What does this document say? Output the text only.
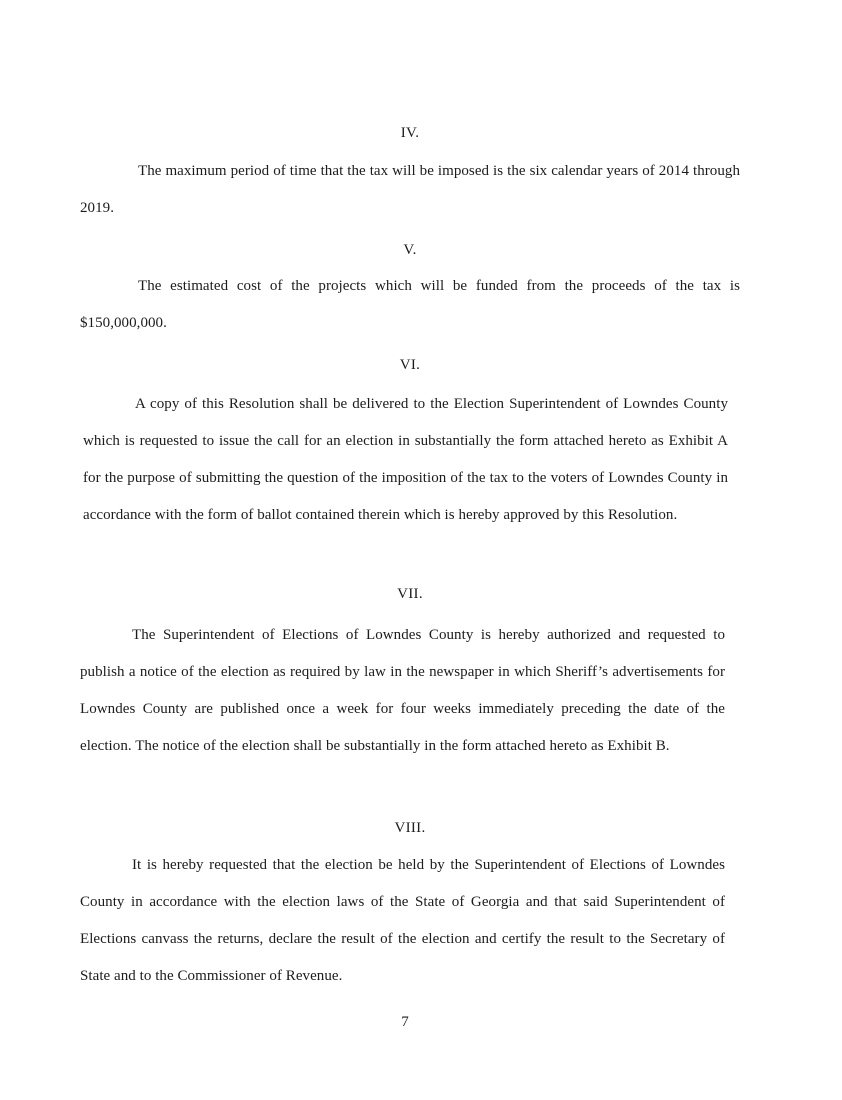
IV.
The maximum period of time that the tax will be imposed is the six calendar years of 2014 through 2019.
V.
The estimated cost of the projects which will be funded from the proceeds of the tax is $150,000,000.
VI.
A copy of this Resolution shall be delivered to the Election Superintendent of Lowndes County which is requested to issue the call for an election in substantially the form attached hereto as Exhibit A for the purpose of submitting the question of the imposition of the tax to the voters of Lowndes County in accordance with the form of ballot contained therein which is hereby approved by this Resolution.
VII.
The Superintendent of Elections of Lowndes County is hereby authorized and requested to publish a notice of the election as required by law in the newspaper in which Sheriff’s advertisements for Lowndes County are published once a week for four weeks immediately preceding the date of the election. The notice of the election shall be substantially in the form attached hereto as Exhibit B.
VIII.
It is hereby requested that the election be held by the Superintendent of Elections of Lowndes County in accordance with the election laws of the State of Georgia and that said Superintendent of Elections canvass the returns, declare the result of the election and certify the result to the Secretary of State and to the Commissioner of Revenue.
7
